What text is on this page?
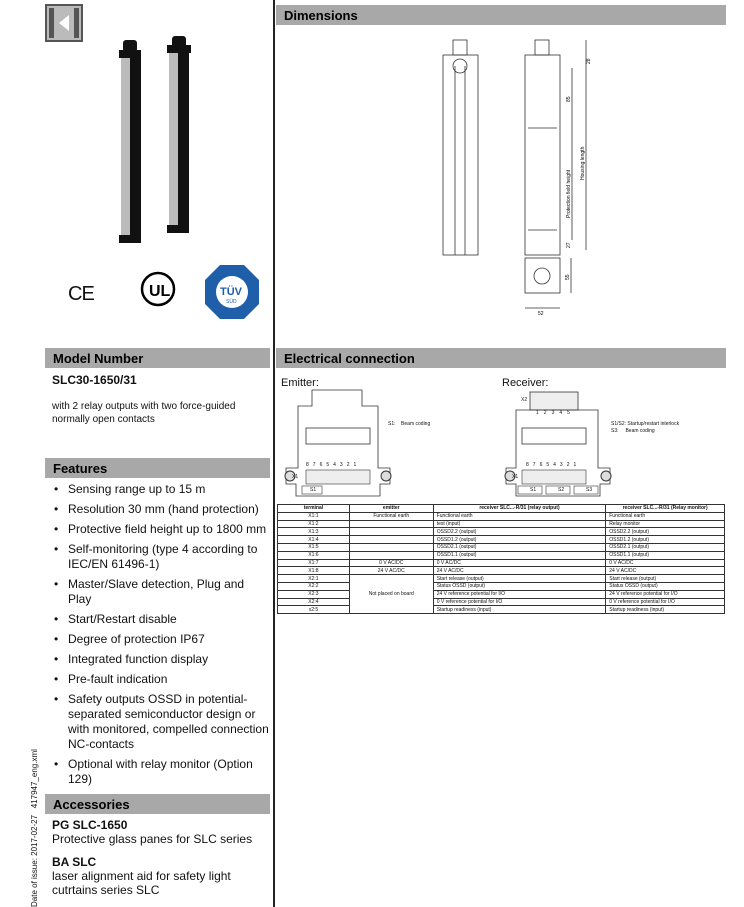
CE	UL	TÜV
SÜD
Dimensions
28
85
27
Protection field height
Housing length
55
52
Electrical connection
Emitter:	Receiver:
S1:    Beam coding	S1/S2: Startup/restart interlock
S3:     Beam coding
S1
X1
8 7 6 5 4 3 2 1
X2
1 2 3 4 5
X1
8 7 6 5 4 3 2 1
S1	S2	S3
terminal	emitter	receiver SLC...-R/31 (relay output)	receiver SLC...-R/31 (Relay monitor)
X1:1	Functional earth	Functional earth	Functional earth
X1:2		test (input)	Relay monitor
X1:3		OSSD2.2 (output)	OSSD2.2 (output)
X1:4		OSSD1.2 (output)	OSSD1.2 (output)
X1:5		OSSD2.1 (output)	OSSD2.1 (output)
X1:6		OSSD1.1 (output)	OSSD1.1 (output)
X1:7	0 V AC/DC	0 V AC/DC	0 V AC/DC
X1:8	24 V AC/DC	24 V AC/DC	24 V AC/DC
X2:1	Not placed on board	Start release (output)	Start release (output)
X2:2		Status OSSD (output)	Status OSSD (output)
X2:3		24 V reference potential for I/O	24 V reference potential for I/O
X2:4		0 V reference potential for I/O	0 V reference potential for I/O
x2:5		Startup readiness (input)	Startup readiness (input)
Model Number
SLC30-1650/31
with 2 relay outputs with two force-guided normally open contacts
Features
• Sensing range up to 15 m
• Resolution 30 mm (hand protection)
• Protective field height up to 1800 mm
• Self-monitoring (type 4 according to IEC/EN 61496-1)
• Master/Slave detection, Plug and Play
• Start/Restart disable
• Degree of protection IP67
• Integrated function display
• Pre-fault indication
• Safety outputs OSSD in potential-separated semiconductor design or with monitored, compelled connection NC-contacts
• Optional with relay monitor (Option 129)
Accessories
PG SLC-1650
Protective glass panes for SLC series
BA SLC
laser alignment aid for safety light cutrtains series SLC
Date of issue: 2017-02-27   417947_eng.xml
